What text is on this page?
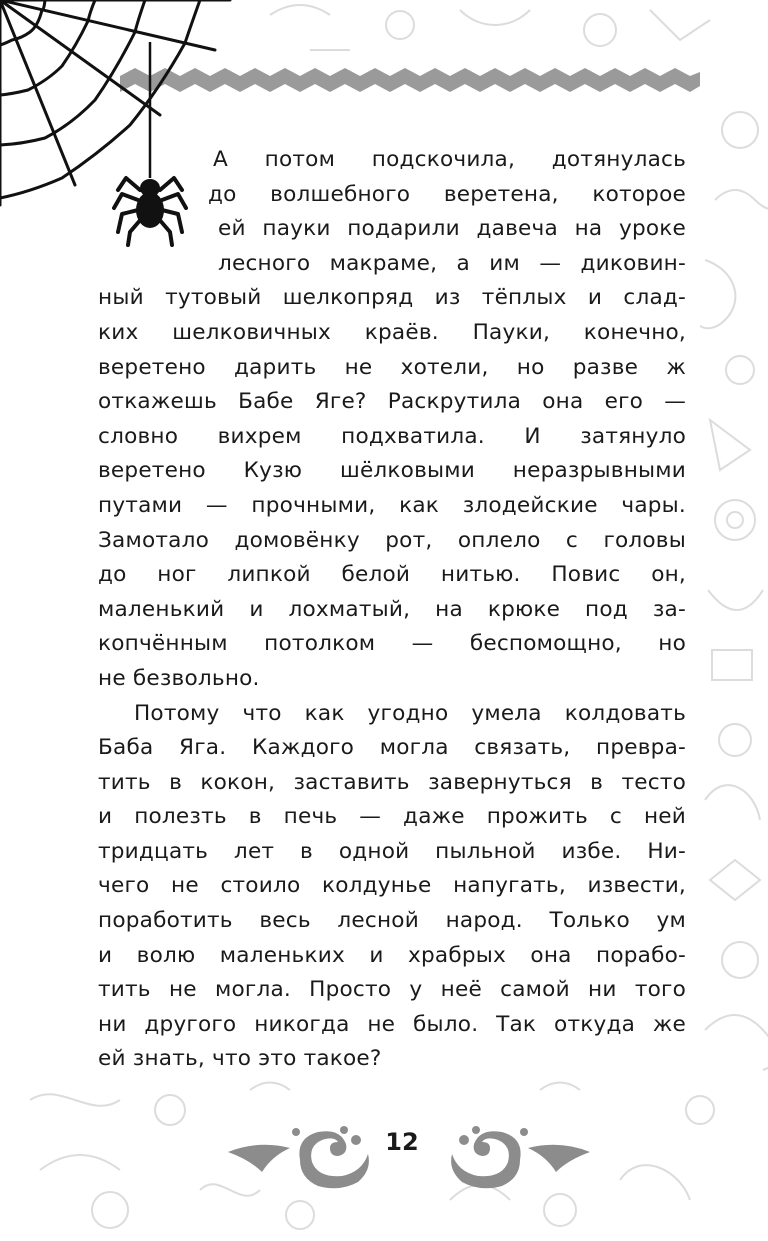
А потом подскочила, дотянулась
до волшебного веретена, которое
ей пауки подарили давеча на уроке
лесного макраме, а им — диковин-
ный тутовый шелкопряд из тёплых и слад-
ких шелковичных краёв. Пауки, конечно,
веретено дарить не хотели, но разве ж
откажешь Бабе Яге? Раскрутила она его —
словно вихрем подхватила. И затянуло
веретено Кузю шёлковыми неразрывными
путами — прочными, как злодейские чары.
Замотало домовёнку рот, оплело с головы
до ног липкой белой нитью. Повис он,
маленький и лохматый, на крюке под за-
копчённым потолком — беспомощно, но
не безвольно.
Потому что как угодно умела колдовать
Баба Яга. Каждого могла связать, превра-
тить в кокон, заставить завернуться в тесто
и полезть в печь — даже прожить с ней
тридцать лет в одной пыльной избе. Ни-
чего не стоило колдунье напугать, извести,
поработить весь лесной народ. Только ум
и волю маленьких и храбрых она порабо-
тить не могла. Просто у неё самой ни того
ни другого никогда не было. Так откуда же
ей знать, что это такое?
12
